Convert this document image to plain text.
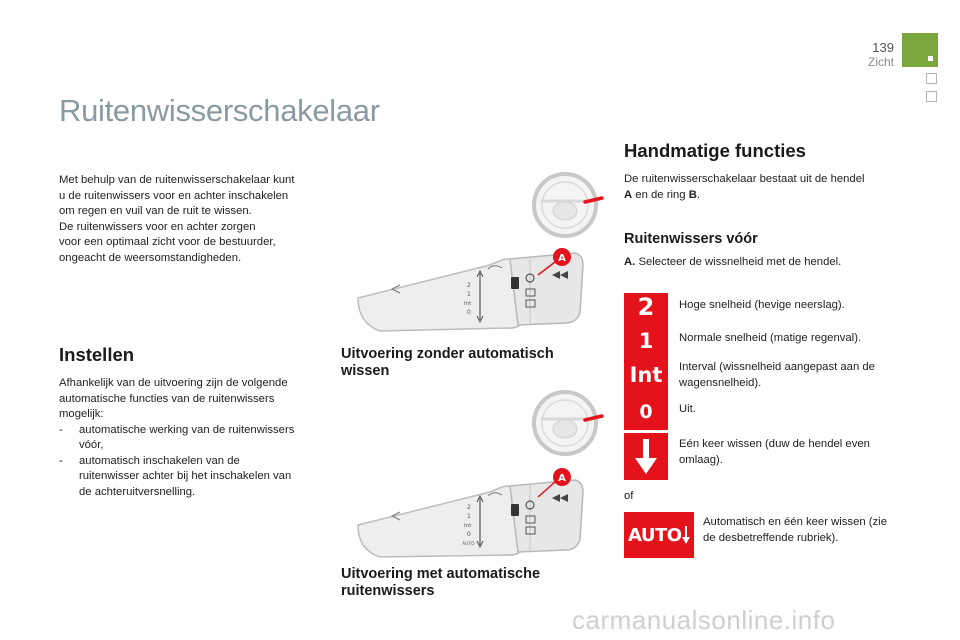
139
Zicht
Ruitenwisserschakelaar
Met behulp van de ruitenwisserschakelaar kunt
u de ruitenwissers voor en achter inschakelen
om regen en vuil van de ruit te wissen.
De ruitenwissers voor en achter zorgen
voor een optimaal zicht voor de bestuurder,
ongeacht de weersomstandigheden.
Instellen
Afhankelijk van de uitvoering zijn de volgende
automatische functies van de ruitenwissers
mogelijk:
-	automatische werking van de ruitenwissers
vóór,
-	automatisch inschakelen van de
ruitenwisser achter bij het inschakelen van
de achteruitversnelling.
2
1
Int
0
A
Uitvoering zonder automatisch wissen
2
1
Int
0
AUTO
A
Uitvoering met automatische ruitenwissers
Handmatige functies

De ruitenwisserschakelaar bestaat uit de hendel A en de ring B.

Ruitenwissers vóór

A. Selecteer de wissnelheid met de hendel.

2
1
Int
0
AUTO

Hoge snelheid (hevige neerslag).

Normale snelheid (matige regenval).

Interval (wissnelheid aangepast aan de wagensnelheid).

Uit.

Eén keer wissen (duw de hendel even omlaag).

of

Automatisch en één keer wissen (zie de desbetreffende rubriek).

carmanualsonline.info
